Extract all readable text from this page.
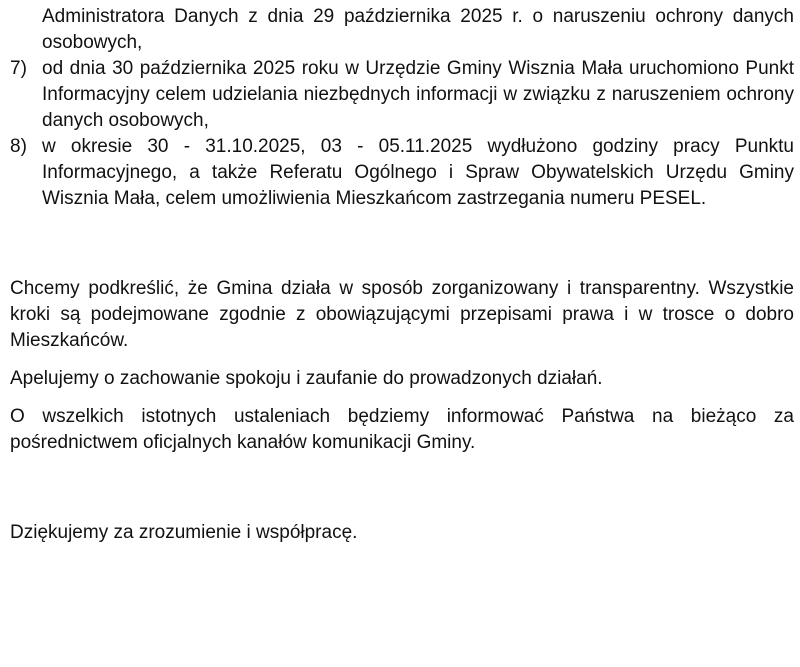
Administratora Danych z dnia 29 października 2025 r. o naruszeniu ochrony danych osobowych,
7) od dnia 30 października 2025 roku w Urzędzie Gminy Wisznia Mała uruchomiono Punkt Informacyjny celem udzielania niezbędnych informacji w związku z naruszeniem ochrony danych osobowych,
8) w okresie 30 - 31.10.2025, 03 - 05.11.2025 wydłużono godziny pracy Punktu Informacyjnego, a także Referatu Ogólnego i Spraw Obywatelskich Urzędu Gminy Wisznia Mała, celem umożliwienia Mieszkańcom zastrzegania numeru PESEL.

Chcemy podkreślić, że Gmina działa w sposób zorganizowany i transparentny. Wszystkie kroki są podejmowane zgodnie z obowiązującymi przepisami prawa i w trosce o dobro Mieszkańców.

Apelujemy o zachowanie spokoju i zaufanie do prowadzonych działań.

O wszelkich istotnych ustaleniach będziemy informować Państwa na bieżąco za pośrednictwem oficjalnych kanałów komunikacji Gminy.

Dziękujemy za zrozumienie i współpracę.
